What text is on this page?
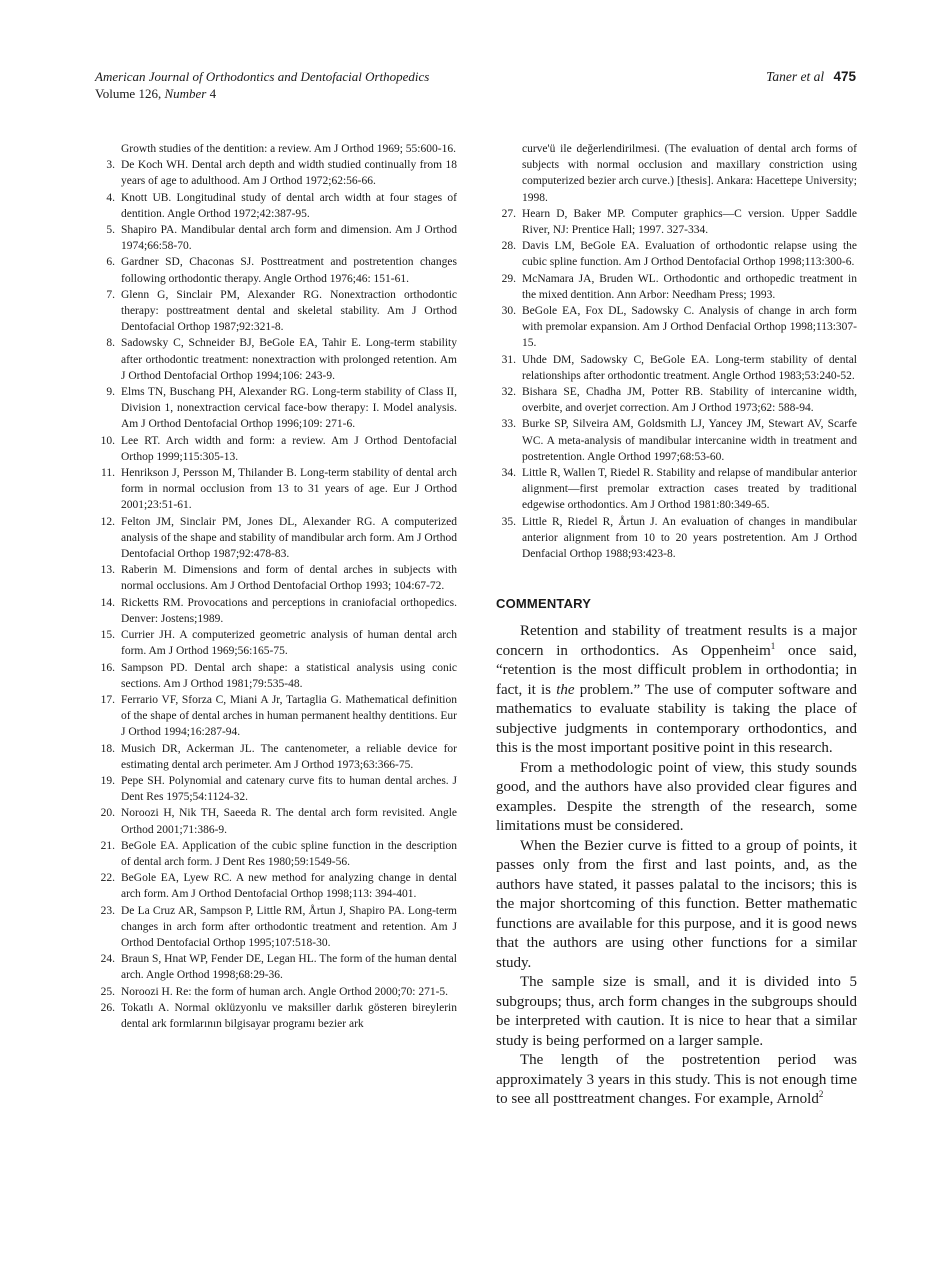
American Journal of Orthodontics and Dentofacial Orthopedics
Volume 126, Number 4
Taner et al 475
Growth studies of the dentition: a review. Am J Orthod 1969; 55:600-16.
3. De Koch WH. Dental arch depth and width studied continually from 18 years of age to adulthood. Am J Orthod 1972;62:56-66.
4. Knott UB. Longitudinal study of dental arch width at four stages of dentition. Angle Orthod 1972;42:387-95.
5. Shapiro PA. Mandibular dental arch form and dimension. Am J Orthod 1974;66:58-70.
6. Gardner SD, Chaconas SJ. Posttreatment and postretention changes following orthodontic therapy. Angle Orthod 1976;46: 151-61.
7. Glenn G, Sinclair PM, Alexander RG. Nonextraction orthodontic therapy: posttreatment dental and skeletal stability. Am J Orthod Dentofacial Orthop 1987;92:321-8.
8. Sadowsky C, Schneider BJ, BeGole EA, Tahir E. Long-term stability after orthodontic treatment: nonextraction with prolonged retention. Am J Orthod Dentofacial Orthop 1994;106: 243-9.
9. Elms TN, Buschang PH, Alexander RG. Long-term stability of Class II, Division 1, nonextraction cervical face-bow therapy: I. Model analysis. Am J Orthod Dentofacial Orthop 1996;109: 271-6.
10. Lee RT. Arch width and form: a review. Am J Orthod Dentofacial Orthop 1999;115:305-13.
11. Henrikson J, Persson M, Thilander B. Long-term stability of dental arch form in normal occlusion from 13 to 31 years of age. Eur J Orthod 2001;23:51-61.
12. Felton JM, Sinclair PM, Jones DL, Alexander RG. A computerized analysis of the shape and stability of mandibular arch form. Am J Orthod Dentofacial Orthop 1987;92:478-83.
13. Raberin M. Dimensions and form of dental arches in subjects with normal occlusions. Am J Orthod Dentofacial Orthop 1993; 104:67-72.
14. Ricketts RM. Provocations and perceptions in craniofacial orthopedics. Denver: Jostens;1989.
15. Currier JH. A computerized geometric analysis of human dental arch form. Am J Orthod 1969;56:165-75.
16. Sampson PD. Dental arch shape: a statistical analysis using conic sections. Am J Orthod 1981;79:535-48.
17. Ferrario VF, Sforza C, Miani A Jr, Tartaglia G. Mathematical definition of the shape of dental arches in human permanent healthy dentitions. Eur J Orthod 1994;16:287-94.
18. Musich DR, Ackerman JL. The cantenometer, a reliable device for estimating dental arch perimeter. Am J Orthod 1973;63:366-75.
19. Pepe SH. Polynomial and catenary curve fits to human dental arches. J Dent Res 1975;54:1124-32.
20. Noroozi H, Nik TH, Saeeda R. The dental arch form revisited. Angle Orthod 2001;71:386-9.
21. BeGole EA. Application of the cubic spline function in the description of dental arch form. J Dent Res 1980;59:1549-56.
22. BeGole EA, Lyew RC. A new method for analyzing change in dental arch form. Am J Orthod Dentofacial Orthop 1998;113: 394-401.
23. De La Cruz AR, Sampson P, Little RM, Årtun J, Shapiro PA. Long-term changes in arch form after orthodontic treatment and retention. Am J Orthod Dentofacial Orthop 1995;107:518-30.
24. Braun S, Hnat WP, Fender DE, Legan HL. The form of the human dental arch. Angle Orthod 1998;68:29-36.
25. Noroozi H. Re: the form of human arch. Angle Orthod 2000;70: 271-5.
26. Tokatlı A. Normal oklüzyonlu ve maksiller darlık gösteren bireylerin dental ark formlarının bilgisayar programı bezier ark
curve'ü ile değerlendirilmesi. (The evaluation of dental arch forms of subjects with normal occlusion and maxillary constriction using computerized bezier arch curve.) [thesis]. Ankara: Hacettepe University; 1998.
27. Hearn D, Baker MP. Computer graphics—C version. Upper Saddle River, NJ: Prentice Hall; 1997. 327-334.
28. Davis LM, BeGole EA. Evaluation of orthodontic relapse using the cubic spline function. Am J Orthod Dentofacial Orthop 1998;113:300-6.
29. McNamara JA, Bruden WL. Orthodontic and orthopedic treatment in the mixed dentition. Ann Arbor: Needham Press; 1993.
30. BeGole EA, Fox DL, Sadowsky C. Analysis of change in arch form with premolar expansion. Am J Orthod Denfacial Orthop 1998;113:307-15.
31. Uhde DM, Sadowsky C, BeGole EA. Long-term stability of dental relationships after orthodontic treatment. Angle Orthod 1983;53:240-52.
32. Bishara SE, Chadha JM, Potter RB. Stability of intercanine width, overbite, and overjet correction. Am J Orthod 1973;62: 588-94.
33. Burke SP, Silveira AM, Goldsmith LJ, Yancey JM, Stewart AV, Scarfe WC. A meta-analysis of mandibular intercanine width in treatment and postretention. Angle Orthod 1997;68:53-60.
34. Little R, Wallen T, Riedel R. Stability and relapse of mandibular anterior alignment—first premolar extraction cases treated by traditional edgewise orthodontics. Am J Orthod 1981:80:349-65.
35. Little R, Riedel R, Årtun J. An evaluation of changes in mandibular anterior alignment from 10 to 20 years postretention. Am J Orthod Denfacial Orthop 1988;93:423-8.
COMMENTARY

Retention and stability of treatment results is a major concern in orthodontics. As Oppenheim$^1$ once said, “retention is the most difficult problem in orthodontia; in fact, it is the problem.” The use of computer software and mathematics to evaluate stability is taking the place of subjective judgments in contemporary orthodontics, and this is the most important positive point in this research.

From a methodologic point of view, this study sounds good, and the authors have also provided clear figures and examples. Despite the strength of the research, some limitations must be considered.

When the Bezier curve is fitted to a group of points, it passes only from the first and last points, and, as the authors have stated, it passes palatal to the incisors; this is the major shortcoming of this function. Better mathematic functions are available for this purpose, and it is good news that the authors are using other functions for a similar study.

The sample size is small, and it is divided into 5 subgroups; thus, arch form changes in the subgroups should be interpreted with caution. It is nice to hear that a similar study is being performed on a larger sample.

The length of the postretention period was approximately 3 years in this study. This is not enough time to see all posttreatment changes. For example, Arnold$^2$
